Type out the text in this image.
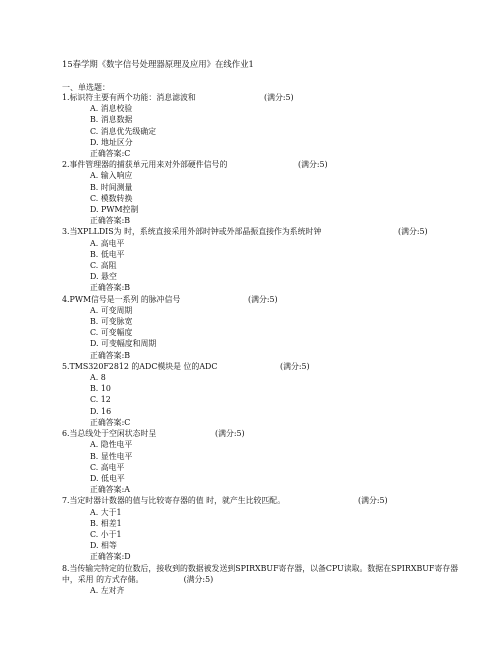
15春学期《数字信号处理器原理及应用》在线作业1
一、单选题：
1.标识符主要有两个功能：消息滤波和	(满分:5)
A. 消息校验
B. 消息数据
C. 消息优先级确定
D. 地址区分
正确答案:C
2.事件管理器的捕获单元用来对外部硬件信号的	(满分:5)
A. 输入响应
B. 时间测量
C. 模数转换
D. PWM控制
正确答案:B
3.当XPLLDIS为 时，系统直接采用外部时钟或外部晶振直接作为系统时钟	(满分:5)
A. 高电平
B. 低电平
C. 高阻
D. 悬空
正确答案:B
4.PWM信号是一系列 的脉冲信号	(满分:5)
A. 可变周期
B. 可变脉宽
C. 可变幅度
D. 可变幅度和周期
正确答案:B
5.TMS320F2812 的ADC模块是 位的ADC	(满分:5)
A. 8
B. 10
C. 12
D. 16
正确答案:C
6.当总线处于空闲状态时呈	(满分:5)
A. 隐性电平
B. 显性电平
C. 高电平
D. 低电平
正确答案:A
7.当定时器计数器的值与比较寄存器的值 时，就产生比较匹配。	(满分:5)
A. 大于1
B. 相差1
C. 小于1
D. 相等
正确答案:D
8.当传输完特定的位数后，接收到的数据被发送到SPIRXBUF寄存器，以备CPU读取。数据在SPIRXBUF寄存器中，采用 的方式存储。	(满分:5)
A. 左对齐
